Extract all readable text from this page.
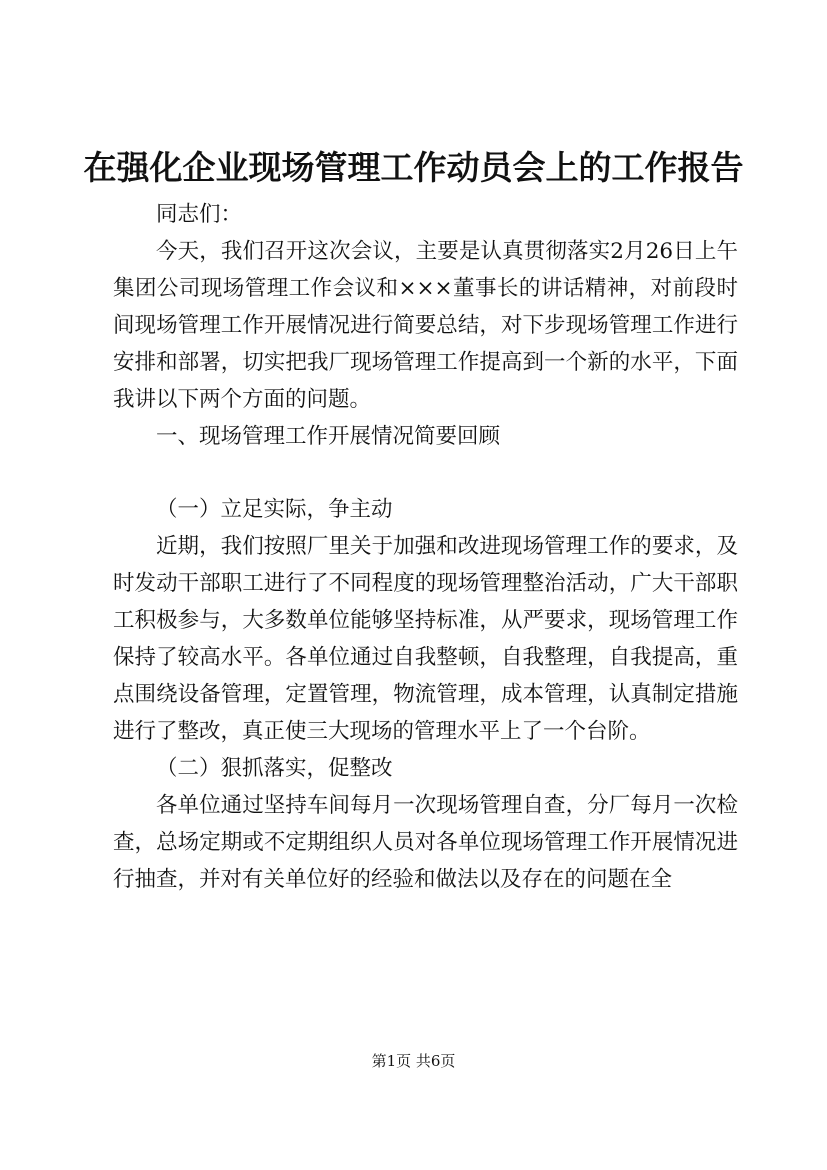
在强化企业现场管理工作动员会上的工作报告

同志们：

今天，我们召开这次会议，主要是认真贯彻落实2月26日上午集团公司现场管理工作会议和×××董事长的讲话精神，对前段时间现场管理工作开展情况进行简要总结，对下步现场管理工作进行安排和部署，切实把我厂现场管理工作提高到一个新的水平，下面我讲以下两个方面的问题。

一、现场管理工作开展情况简要回顾

（一）立足实际，争主动

近期，我们按照厂里关于加强和改进现场管理工作的要求，及时发动干部职工进行了不同程度的现场管理整治活动，广大干部职工积极参与，大多数单位能够坚持标准，从严要求，现场管理工作保持了较高水平。各单位通过自我整顿，自我整理，自我提高，重点围绕设备管理，定置管理，物流管理，成本管理，认真制定措施进行了整改，真正使三大现场的管理水平上了一个台阶。

（二）狠抓落实，促整改

各单位通过坚持车间每月一次现场管理自查，分厂每月一次检查，总场定期或不定期组织人员对各单位现场管理工作开展情况进行抽查，并对有关单位好的经验和做法以及存在的问题在全

第1页 共6页
